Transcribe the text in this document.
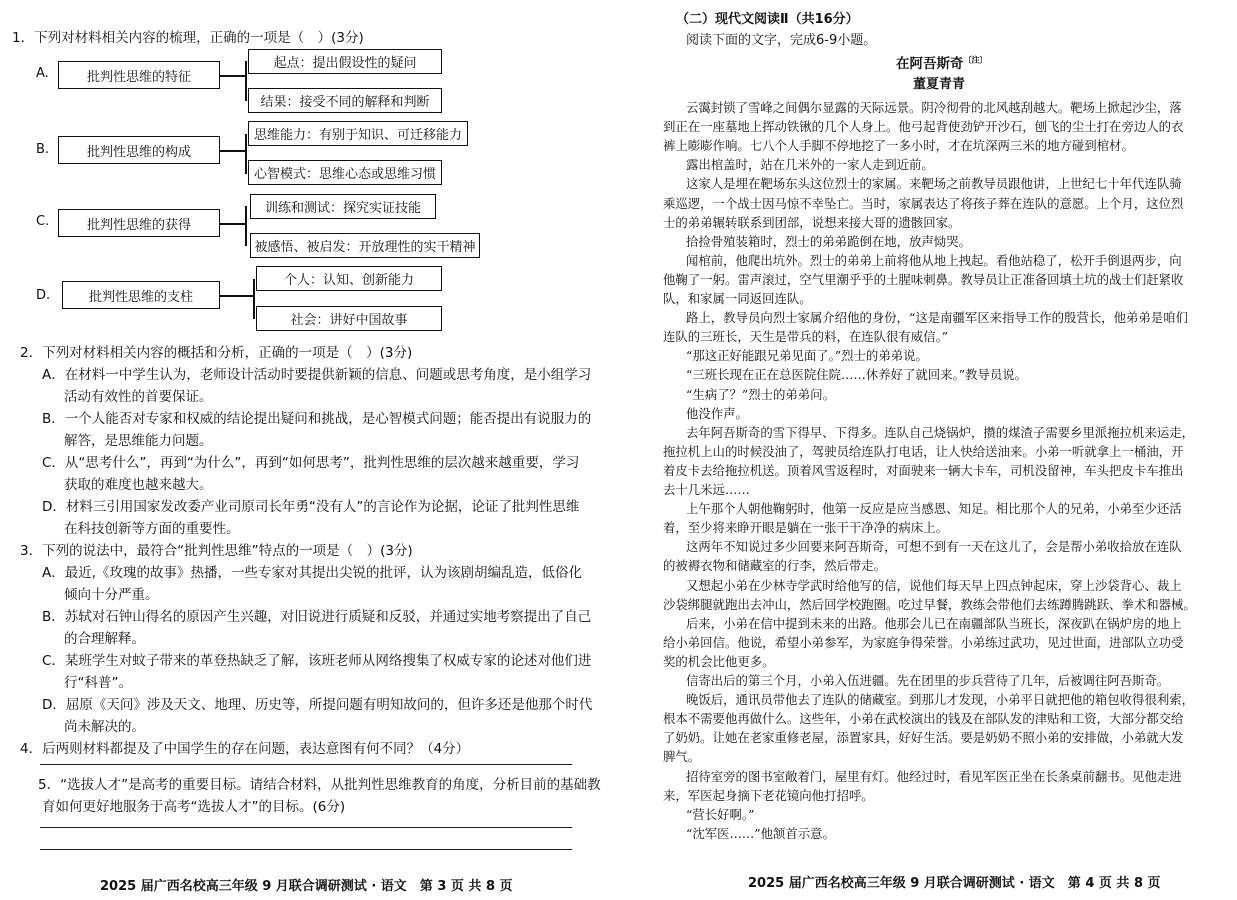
1．下列对材料相关内容的梳理，正确的一项是（　）(3分)
A.	批判性思维的特征
起点：提出假设性的疑问
结果：接受不同的解释和判断
B.	批判性思维的构成
思维能力：有别于知识、可迁移能力
心智模式：思维心态或思维习惯
C.	批判性思维的获得
训练和测试：探究实证技能
被感悟、被启发：开放理性的实干精神
D.	批判性思维的支柱
个人：认知、创新能力
社会：讲好中国故事
2．下列对材料相关内容的概括和分析，正确的一项是（　）(3分)
A．在材料一中学生认为，老师设计活动时要提供新颖的信息、问题或思考角度，是小组学习
活动有效性的首要保证。
B．一个人能否对专家和权威的结论提出疑问和挑战，是心智模式问题；能否提出有说服力的
解答，是思维能力问题。
C．从“思考什么”，再到“为什么”，再到“如何思考”，批判性思维的层次越来越重要，学习
获取的难度也越来越大。
D．材料三引用国家发改委产业司原司长年勇“没有人”的言论作为论据，论证了批判性思维
在科技创新等方面的重要性。
3．下列的说法中，最符合“批判性思维”特点的一项是（　）(3分)
A．最近,《玫瑰的故事》热播，一些专家对其提出尖锐的批评，认为该剧胡编乱造，低俗化
倾向十分严重。
B．苏轼对石钟山得名的原因产生兴趣，对旧说进行质疑和反驳，并通过实地考察提出了自己
的合理解释。
C．某班学生对蚊子带来的革登热缺乏了解，该班老师从网络搜集了权威专家的论述对他们进
行“科普”。
D．屈原《天问》涉及天文、地理、历史等，所提问题有明知故问的，但许多还是他那个时代
尚未解决的。
4．后两则材料都提及了中国学生的存在问题，表达意图有何不同？（4分）
5．“选拔人才”是高考的重要目标。请结合材料，从批判性思维教育的角度，分析目前的基础教
育如何更好地服务于高考“选拔人才”的目标。(6分)
2025 届广西名校高三年级 9 月联合调研测试 · 语文　第 3 页 共 8 页
（二）现代文阅读Ⅱ（共16分）
阅读下面的文字，完成6-9小题。
在阿吾斯奇$^{〔注〕}$
董夏青青
云霭封锁了雪峰之间偶尔显露的天际远景。阴冷彻骨的北风越刮越大。靶场上掀起沙尘，落
到正在一座墓地上挥动铁锹的几个人身上。他弓起背使劲铲开沙石，刨飞的尘土打在旁边人的衣
裤上嘭嘭作响。七八个人手脚不停地挖了一多小时，才在坑深两三米的地方碰到棺材。
露出棺盖时，站在几米外的一家人走到近前。
这家人是埋在靶场东头这位烈士的家属。来靶场之前教导员跟他讲，上世纪七十年代连队骑
乘巡逻，一个战士因马惊不幸坠亡。当时，家属表达了将孩子葬在连队的意愿。上个月，这位烈
士的弟弟辗转联系到团部，说想来接大哥的遗骸回家。
拾捡骨殖装箱时，烈士的弟弟跪倒在地，放声恸哭。
闻棺前，他爬出坑外。烈士的弟弟上前将他从地上拽起。看他站稳了，松开手倒退两步，向
他鞠了一躬。雷声滚过，空气里潮乎乎的土腥味刺鼻。教导员让正准备回填土坑的战士们赶紧收
队，和家属一同返回连队。
路上，教导员向烈士家属介绍他的身份，“这是南疆军区来指导工作的殷营长，他弟弟是咱们
连队的三班长，天生是带兵的料，在连队很有威信。”
“那这正好能跟兄弟见面了。”烈士的弟弟说。
“三班长现在正在总医院住院……休养好了就回来。”教导员说。
“生病了？”烈士的弟弟问。
他没作声。
去年阿吾斯奇的雪下得早、下得多。连队自己烧锅炉，攒的煤渣子需要乡里派拖拉机来运走，
拖拉机上山的时候没油了，驾驶员给连队打电话，让人快给送油来。小弟一听就拿上一桶油，开
着皮卡去给拖拉机送。顶着风雪返程时，对面驶来一辆大卡车，司机没留神，车头把皮卡车推出
去十几米远……
上午那个人朝他鞠躬时，他第一反应是应当感恩、知足。相比那个人的兄弟，小弟至少还活
着，至少将来睁开眼是躺在一张干干净净的病床上。
这两年不知说过多少回要来阿吾斯奇，可想不到有一天在这儿了，会是帮小弟收拾放在连队
的被褥衣物和储藏室的行李，然后带走。
又想起小弟在少林寺学武时给他写的信，说他们每天早上四点钟起床，穿上沙袋背心、裁上
沙袋绑腿就跑出去冲山，然后回学校跑圈。吃过早餐，教练会带他们去练蹲腾跳跃、拳术和器械。
后来，小弟在信中提到未来的出路。他那会儿已在南疆部队当班长，深夜趴在锅炉房的地上
给小弟回信。他说，希望小弟参军，为家庭争得荣誉。小弟练过武功，见过世面，进部队立功受
奖的机会比他更多。
信寄出后的第三个月，小弟入伍进疆。先在团里的步兵营待了几年，后被调往阿吾斯奇。
晚饭后，通讯员带他去了连队的储藏室。到那儿才发现，小弟平日就把他的箱包收得很利索，
根本不需要他再做什么。这些年，小弟在武校演出的钱及在部队发的津贴和工资，大部分都交给
了奶奶。让她在老家重修老屋，添置家具，好好生活。要是奶奶不照小弟的安排做，小弟就大发
脾气。
招待室旁的图书室敞着门，屋里有灯。他经过时，看见军医正坐在长条桌前翻书。见他走进
来，军医起身摘下老花镜向他打招呼。
“营长好啊。”
“沈军医……”他颔首示意。
2025 届广西名校高三年级 9 月联合调研测试 · 语文　第 4 页 共 8 页
